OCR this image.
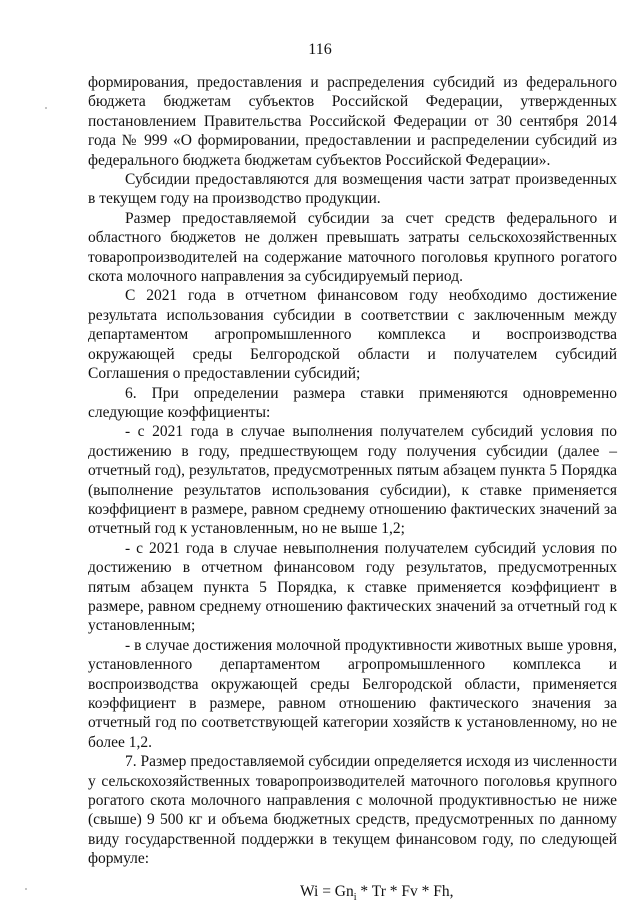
116

формирования, предоставления и распределения субсидий из федерального бюджета бюджетам субъектов Российской Федерации, утвержденных постановлением Правительства Российской Федерации от 30 сентября 2014 года № 999 «О формировании, предоставлении и распределении субсидий из федерального бюджета бюджетам субъектов Российской Федерации».

Субсидии предоставляются для возмещения части затрат произведенных в текущем году на производство продукции.

Размер предоставляемой субсидии за счет средств федерального и областного бюджетов не должен превышать затраты сельскохозяйственных товаропроизводителей на содержание маточного поголовья крупного рогатого скота молочного направления за субсидируемый период.

С 2021 года в отчетном финансовом году необходимо достижение результата использования субсидии в соответствии с заключенным между департаментом агропромышленного комплекса и воспроизводства окружающей среды Белгородской области и получателем субсидий Соглашения о предоставлении субсидий;

6. При определении размера ставки применяются одновременно следующие коэффициенты:

- с 2021 года в случае выполнения получателем субсидий условия по достижению в году, предшествующем году получения субсидии (далее – отчетный год), результатов, предусмотренных пятым абзацем пункта 5 Порядка (выполнение результатов использования субсидии), к ставке применяется коэффициент в размере, равном среднему отношению фактических значений за отчетный год к установленным, но не выше 1,2;

- с 2021 года в случае невыполнения получателем субсидий условия по достижению в отчетном финансовом году результатов, предусмотренных пятым абзацем пункта 5 Порядка, к ставке применяется коэффициент в размере, равном среднему отношению фактических значений за отчетный год к установленным;

- в случае достижения молочной продуктивности животных выше уровня, установленного департаментом агропромышленного комплекса и воспроизводства окружающей среды Белгородской области, применяется коэффициент в размере, равном отношению фактического значения за отчетный год по соответствующей категории хозяйств к установленному, но не более 1,2.

7. Размер предоставляемой субсидии определяется исходя из численности у сельскохозяйственных товаропроизводителей маточного поголовья крупного рогатого скота молочного направления с молочной продуктивностью не ниже (свыше) 9 500 кг и объема бюджетных средств, предусмотренных по данному виду государственной поддержки в текущем финансовом году, по следующей формуле:

$Wi = Gn_i * Tr * Fv * Fh$,
